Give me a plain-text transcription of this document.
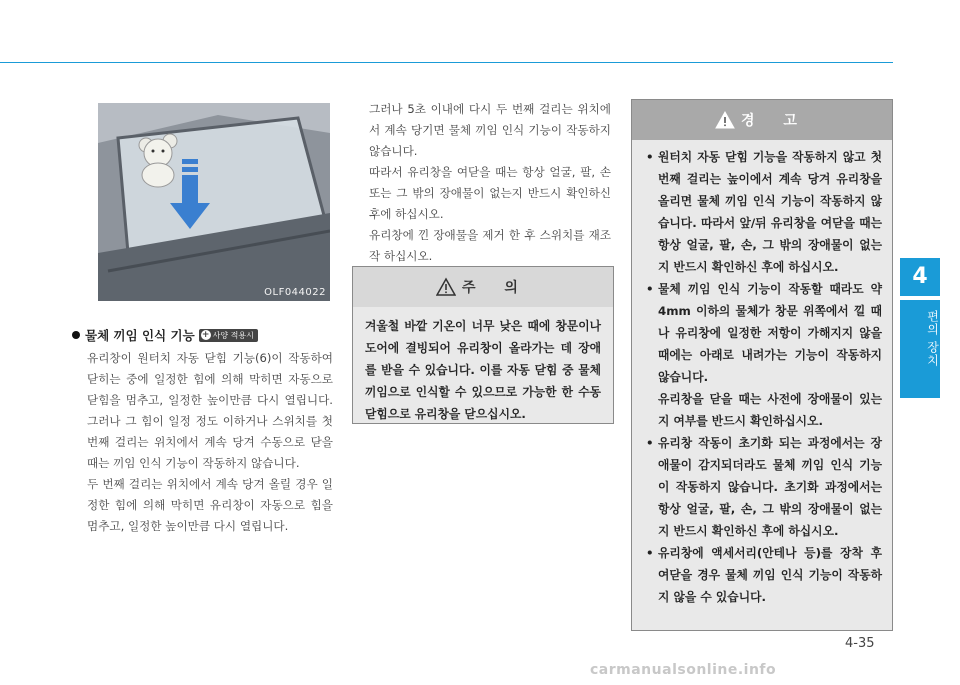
OLF044022
물체 끼임 인식 기능 + 사양 적용시
유리창이 원터치 자동 닫힘 기능(6)이 작동하여 닫히는 중에 일정한 힘에 의해 막히면 자동으로 닫힘을 멈추고, 일정한 높이만큼 다시 열립니다. 그러나 그 힘이 일정 정도 이하거나 스위치를 첫 번째 걸리는 위치에서 계속 당겨 수동으로 닫을 때는 끼임 인식 기능이 작동하지 않습니다.
두 번째 걸리는 위치에서 계속 당겨 올릴 경우 일정한 힘에 의해 막히면 유리창이 자동으로 힘을 멈추고, 일정한 높이만큼 다시 열립니다.
그러나 5초 이내에 다시 두 번째 걸리는 위치에서 계속 당기면 물체 끼임 인식 기능이 작동하지 않습니다.
따라서 유리창을 여닫을 때는 항상 얼굴, 팔, 손 또는 그 밖의 장애물이 없는지 반드시 확인하신 후에 하십시오.
유리창에 낀 장애물을 제거 한 후 스위치를 재조작 하십시오.
주 의
겨울철 바깥 기온이 너무 낮은 때에 창문이나 도어에 결빙되어 유리창이 올라가는 데 장애를 받을 수 있습니다. 이를 자동 닫힘 중 물체 끼임으로 인식할 수 있으므로 가능한 한 수동 닫힘으로 유리창을 닫으십시오.
경 고
• 원터치 자동 닫힘 기능을 작동하지 않고 첫 번째 걸리는 높이에서 계속 당겨 유리창을 올리면 물체 끼임 인식 기능이 작동하지 않습니다. 따라서 앞/뒤 유리창을 여닫을 때는 항상 얼굴, 팔, 손, 그 밖의 장애물이 없는지 반드시 확인하신 후에 하십시오.
• 물체 끼임 인식 기능이 작동할 때라도 약 4mm 이하의 물체가 창문 위쪽에서 낄 때나 유리창에 일정한 저항이 가해지지 않을 때에는 아래로 내려가는 기능이 작동하지 않습니다.
유리창을 닫을 때는 사전에 장애물이 있는지 여부를 반드시 확인하십시오.
• 유리창 작동이 초기화 되는 과정에서는 장애물이 감지되더라도 물체 끼임 인식 기능이 작동하지 않습니다. 초기화 과정에서는 항상 얼굴, 팔, 손, 그 밖의 장애물이 없는지 반드시 확인하신 후에 하십시오.
• 유리창에 액세서리(안테나 등)를 장착 후 여닫을 경우 물체 끼임 인식 기능이 작동하지 않을 수 있습니다.
4
편의 장치
4-35
carmanualsonline.info
